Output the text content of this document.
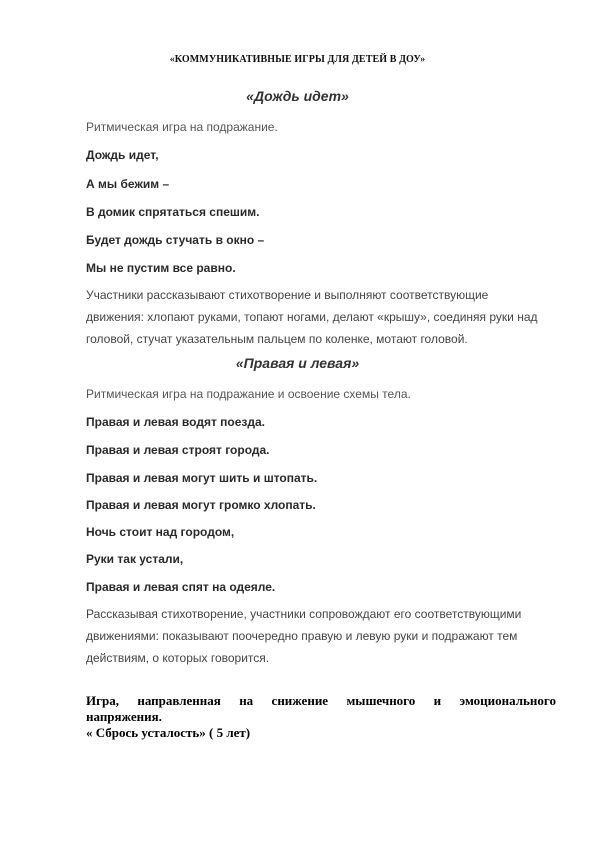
«КОММУНИКАТИВНЫЕ ИГРЫ ДЛЯ ДЕТЕЙ В ДОУ»
«Дождь идет»
Ритмическая игра на подражание.
Дождь идет,
А мы бежим –
В домик спрятаться спешим.
Будет дождь стучать в окно –
Мы не пустим все равно.
Участники рассказывают стихотворение и выполняют соответствующие
движения: хлопают руками, топают ногами, делают «крышу», соединяя руки над
головой, стучат указательным пальцем по коленке, мотают головой.
«Правая и левая»
Ритмическая игра на подражание и освоение схемы тела.
Правая и левая водят поезда.
Правая и левая строят города.
Правая и левая могут шить и штопать.
Правая и левая могут громко хлопать.
Ночь стоит над городом,
Руки так устали,
Правая и левая спят на одеяле.
Рассказывая стихотворение, участники сопровождают его соответствующими
движениями: показывают поочередно правую и левую руки и подражают тем
действиям, о которых говорится.
Игра, направленная на снижение мышечного и эмоционального
напряжения.
« Сбрось усталость» ( 5 лет)
